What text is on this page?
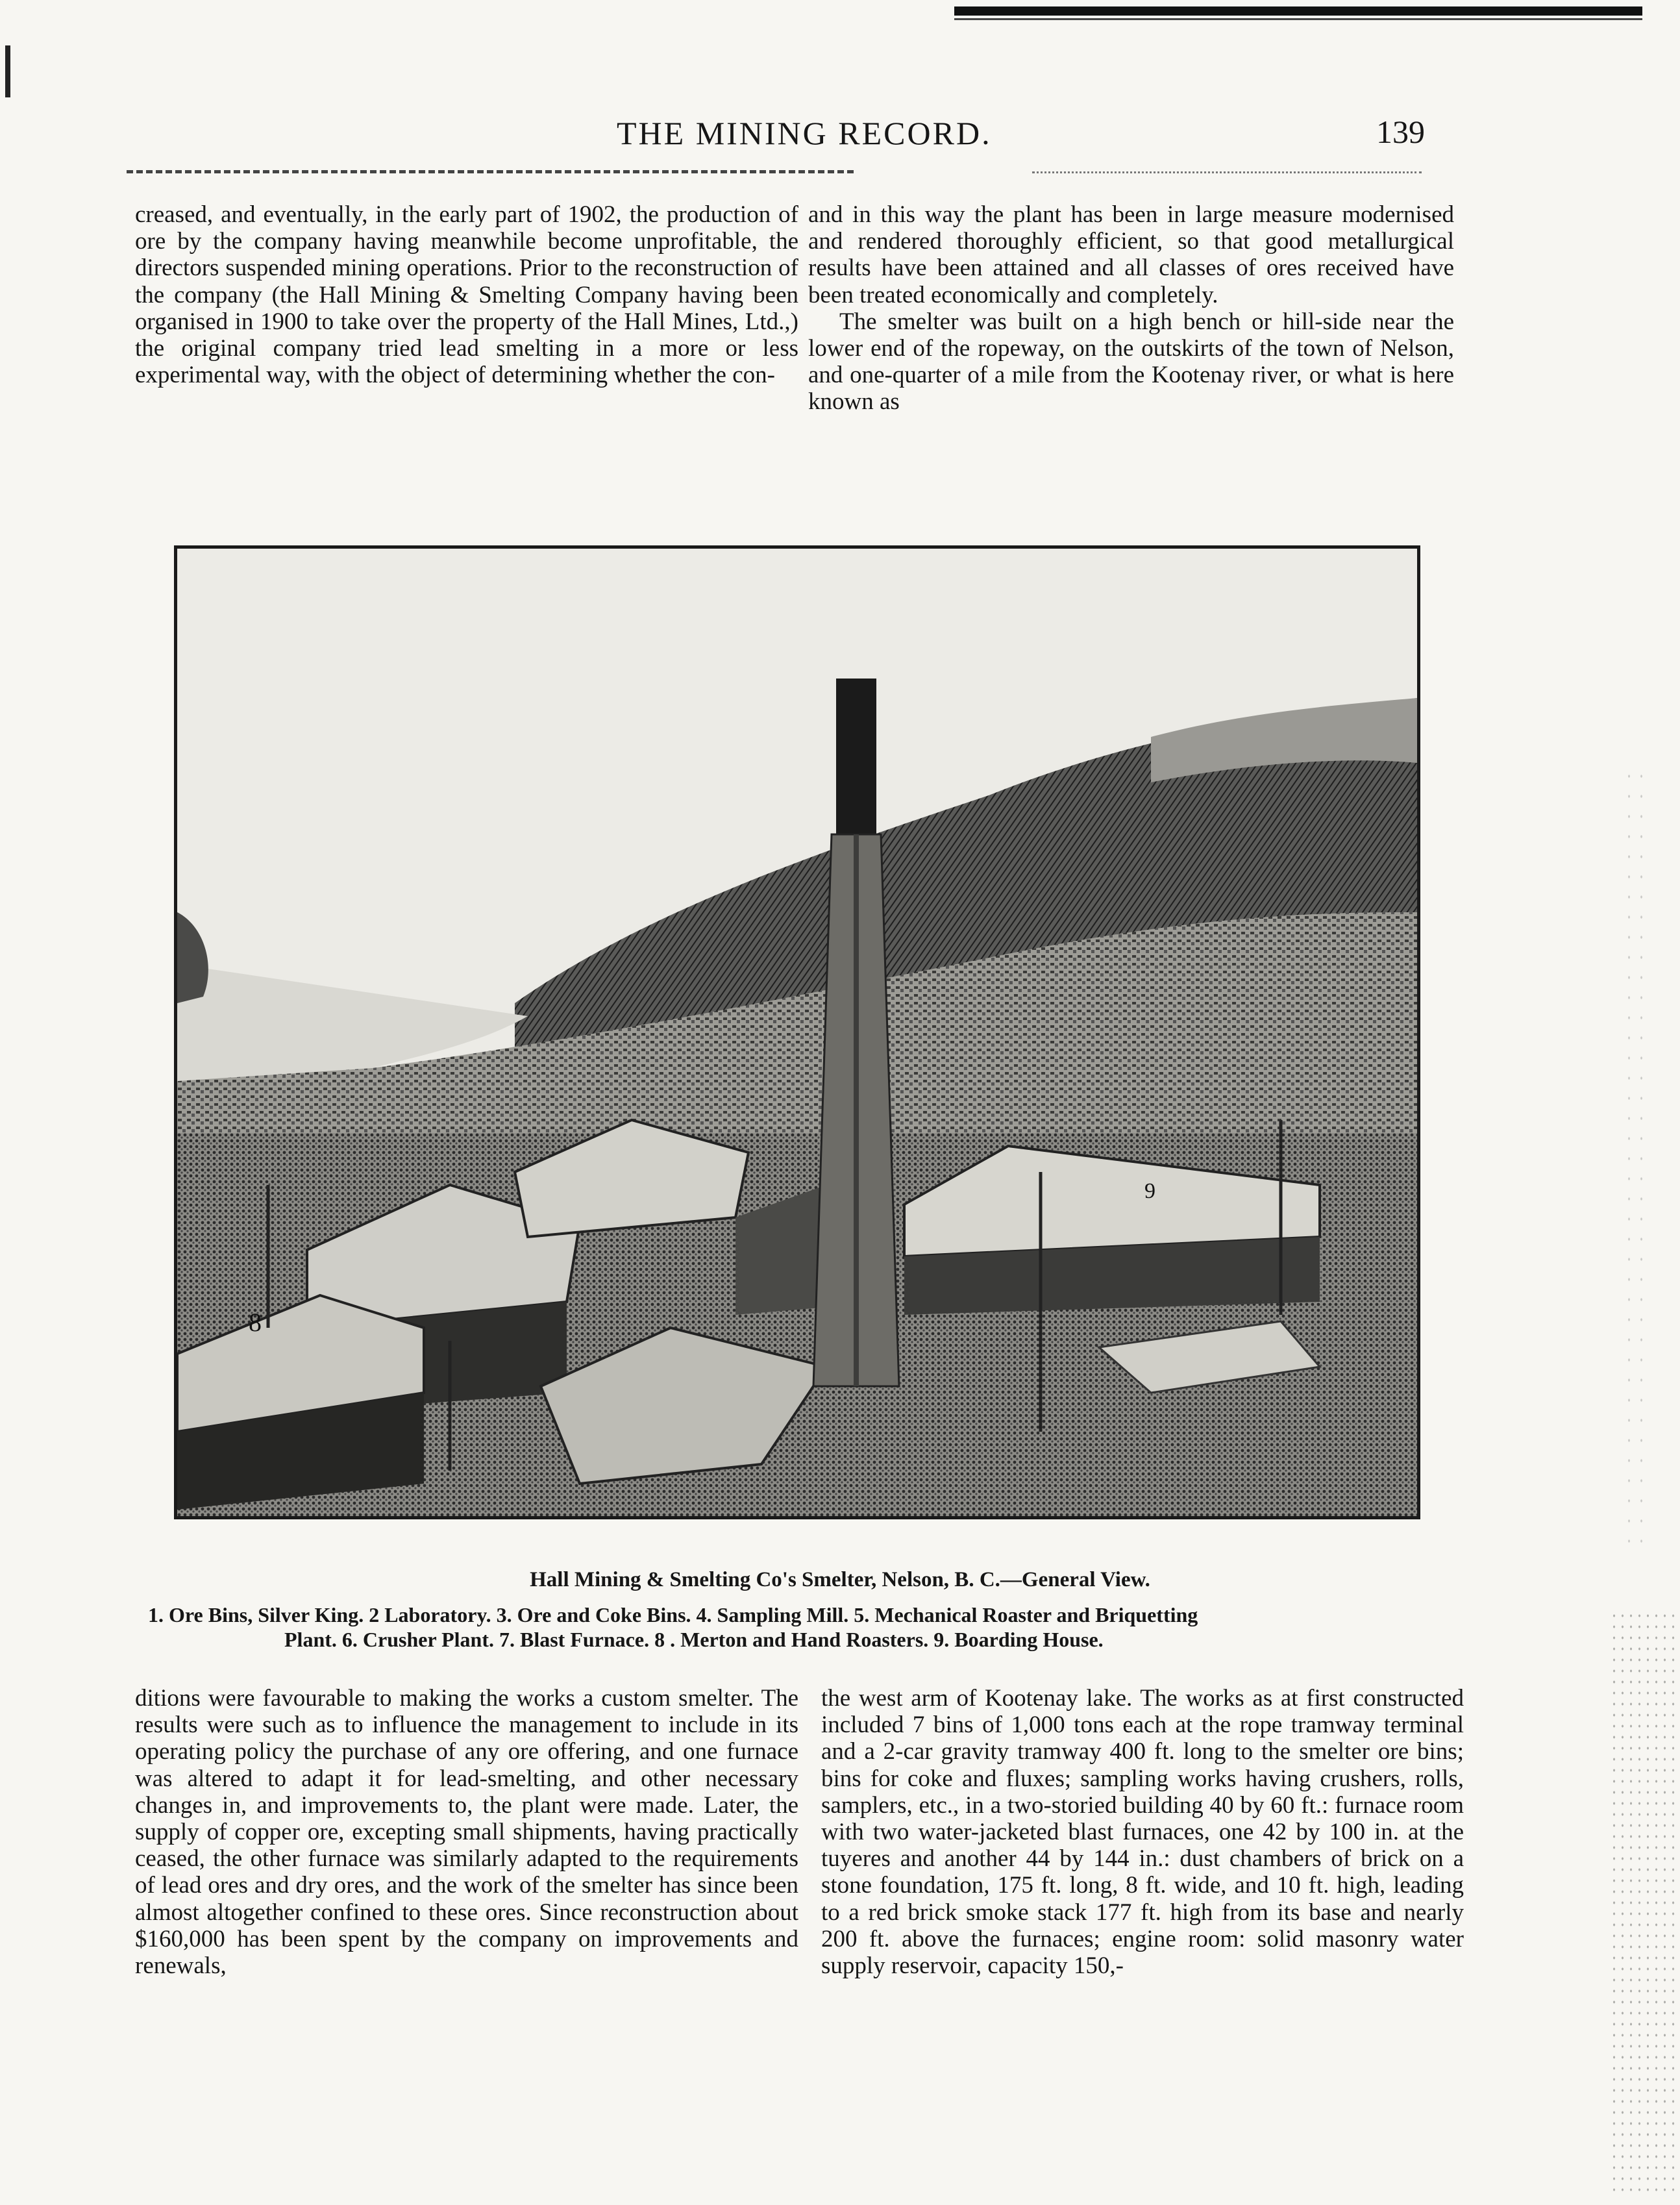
THE MINING RECORD.	139

creased, and eventually, in the early part of 1902, the production of ore by the company having meanwhile become unprofitable, the directors suspended mining operations. Prior to the reconstruction of the company (the Hall Mining & Smelting Company having been organised in 1900 to take over the property of the Hall Mines, Ltd.,) the original company tried lead smelting in a more or less experimental way, with the object of determining whether the con-

and in this way the plant has been in large measure modernised and rendered thoroughly efficient, so that good metallurgical results have been attained and all classes of ores received have been treated economically and completely.

The smelter was built on a high bench or hill-side near the lower end of the ropeway, on the outskirts of the town of Nelson, and one-quarter of a mile from the Kootenay river, or what is here known as

8
9
Hall Mining & Smelting Co's Smelter, Nelson, B. C.—General View.
1. Ore Bins, Silver King. 2 Laboratory. 3. Ore and Coke Bins. 4. Sampling Mill. 5. Mechanical Roaster and Briquetting
Plant. 6. Crusher Plant. 7. Blast Furnace. 8 . Merton and Hand Roasters. 9. Boarding House.

ditions were favourable to making the works a custom smelter. The results were such as to influence the management to include in its operating policy the purchase of any ore offering, and one furnace was altered to adapt it for lead-smelting, and other necessary changes in, and improvements to, the plant were made. Later, the supply of copper ore, excepting small shipments, having practically ceased, the other furnace was similarly adapted to the requirements of lead ores and dry ores, and the work of the smelter has since been almost altogether confined to these ores. Since reconstruction about $160,000 has been spent by the company on improvements and renewals,

the west arm of Kootenay lake. The works as at first constructed included 7 bins of 1,000 tons each at the rope tramway terminal and a 2-car gravity tramway 400 ft. long to the smelter ore bins; bins for coke and fluxes; sampling works having crushers, rolls, samplers, etc., in a two-storied building 40 by 60 ft.: furnace room with two water-jacketed blast furnaces, one 42 by 100 in. at the tuyeres and another 44 by 144 in.: dust chambers of brick on a stone foundation, 175 ft. long, 8 ft. wide, and 10 ft. high, leading to a red brick smoke stack 177 ft. high from its base and nearly 200 ft. above the furnaces; engine room: solid masonry water supply reservoir, capacity 150,-
